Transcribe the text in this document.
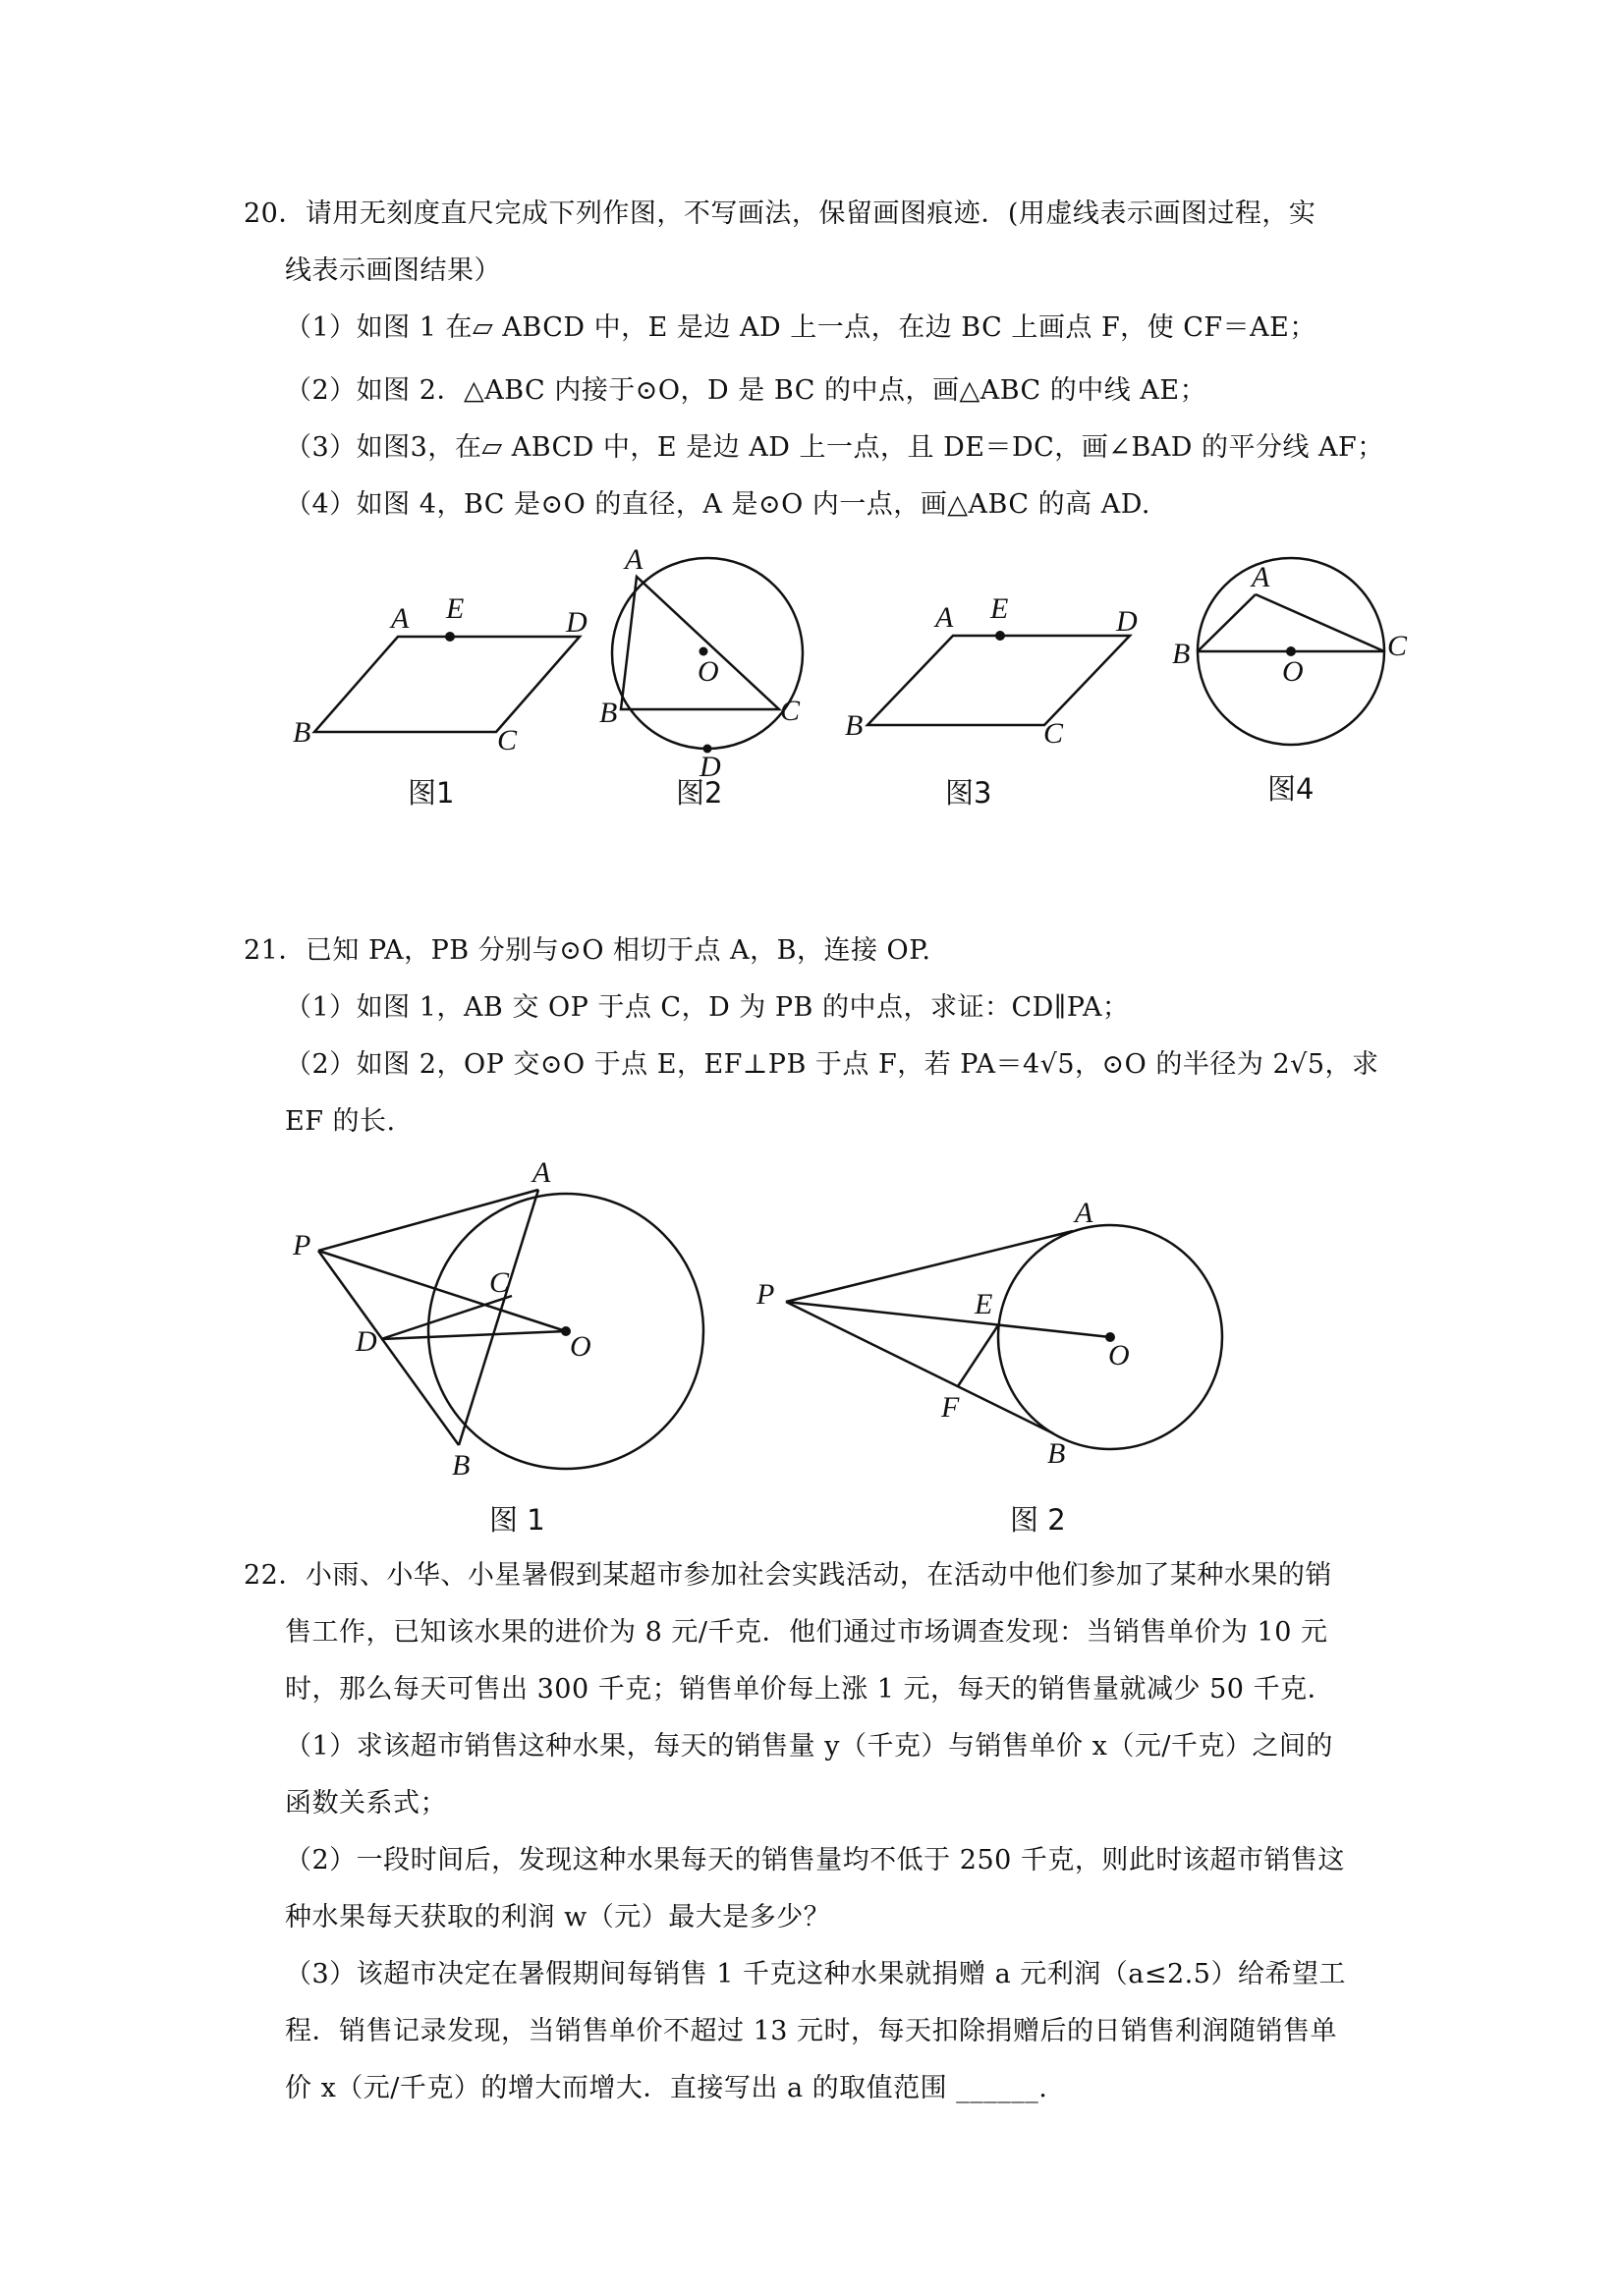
20．请用无刻度直尺完成下列作图，不写画法，保留画图痕迹．(用虚线表示画图过程，实
线表示画图结果）
（1）如图 1 在▱ ABCD 中，E 是边 AD 上一点，在边 BC 上画点 F，使 CF＝AE；
（2）如图 2．△ABC 内接于⊙O，D 是 BC 的中点，画△ABC 的中线 AE；
（3）如图3，在▱ ABCD 中，E 是边 AD 上一点，且 DE＝DC，画∠BAD 的平分线 AF；
（4）如图 4，BC 是⊙O 的直径，A 是⊙O 内一点，画△ABC 的高 AD.
A E	D
B	C
图1
A
O
B	C
D
图2
A E	D
B	C
图3
A
B
O
C
图4
21．已知 PA，PB 分别与⊙O 相切于点 A，B，连接 OP.
（1）如图 1，AB 交 OP 于点 C，D 为 PB 的中点，求证：CD∥PA；
（2）如图 2，OP 交⊙O 于点 E，EF⊥PB 于点 F，若 PA＝4√5，⊙O 的半径为 2√5，求
EF 的长.
A
P
C
D	O
B
图 1
A
P	E
O
F
B
图 2
22．小雨、小华、小星暑假到某超市参加社会实践活动，在活动中他们参加了某种水果的销
售工作，已知该水果的进价为 8 元/千克．他们通过市场调查发现：当销售单价为 10 元
时，那么每天可售出 300 千克；销售单价每上涨 1 元，每天的销售量就减少 50 千克．
（1）求该超市销售这种水果，每天的销售量 y（千克）与销售单价 x（元/千克）之间的
函数关系式；
（2）一段时间后，发现这种水果每天的销售量均不低于 250 千克，则此时该超市销售这
种水果每天获取的利润 w（元）最大是多少？
（3）该超市决定在暑假期间每销售 1 千克这种水果就捐赠 a 元利润（a≤2.5）给希望工
程．销售记录发现，当销售单价不超过 13 元时，每天扣除捐赠后的日销售利润随销售单
价 x（元/千克）的增大而增大．直接写出 a 的取值范围 ______.
